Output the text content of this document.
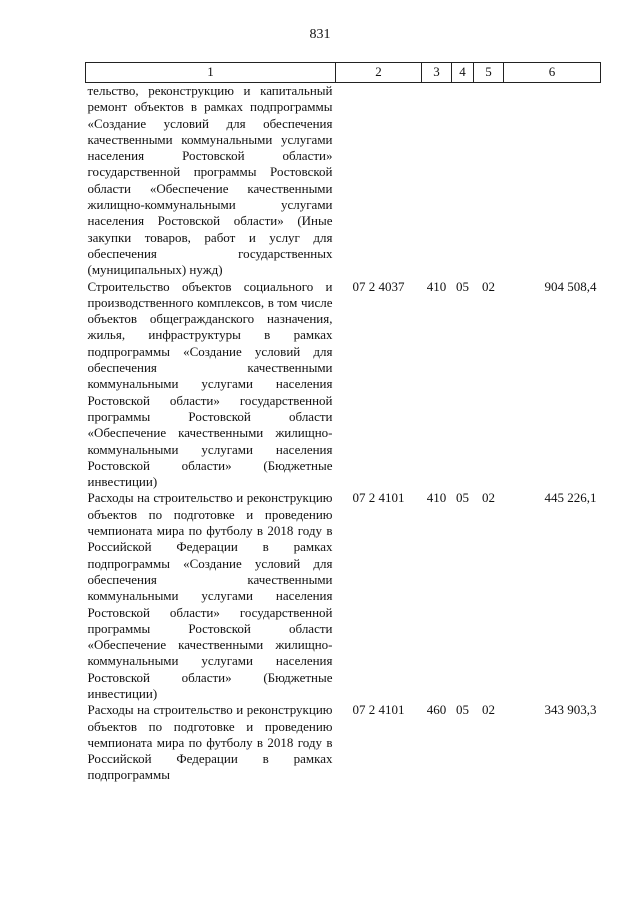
831
1	2	3	4	5	6
тельство, реконструкцию и капитальный ремонт объектов в рамках подпрограммы «Создание условий для обеспечения качественными коммунальными услугами населения Ростовской области» государственной программы Ростовской области «Обеспечение качественными жилищно-коммунальными услугами населения Ростовской области» (Иные закупки товаров, работ и услуг для обеспечения государственных (муниципальных) нужд)					
Строительство объектов социального и производственного комплексов, в том числе объектов общегражданского назначения, жилья, инфраструктуры в рамках подпрограммы «Создание условий для обеспечения качественными коммунальными услугами населения Ростовской области» государственной программы Ростовской области «Обеспечение качественными жилищно-коммунальными услугами населения Ростовской области» (Бюджетные инвестиции)	07 2 4037	410	05	02	904 508,4
Расходы на строительство и реконструкцию объектов по подготовке и проведению чемпионата мира по футболу в 2018 году в Российской Федерации в рамках подпрограммы «Создание условий для обеспечения качественными коммунальными услугами населения Ростовской области» государственной программы Ростовской области «Обеспечение качественными жилищно-коммунальными услугами населения Ростовской области» (Бюджетные инвестиции)	07 2 4101	410	05	02	445 226,1
Расходы на строительство и реконструкцию объектов по подготовке и проведению чемпионата мира по футболу в 2018 году в Российской Федерации в рамках подпрограммы	07 2 4101	460	05	02	343 903,3
